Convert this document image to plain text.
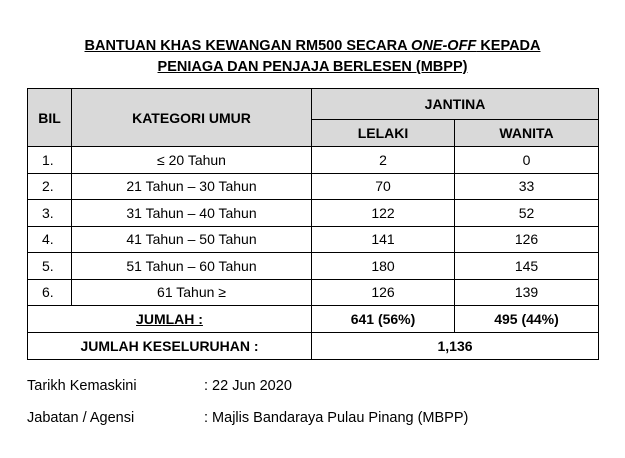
BANTUAN KHAS KEWANGAN RM500 SECARA ONE-OFF KEPADA
PENIAGA DAN PENJAJA BERLESEN (MBPP)
BIL	KATEGORI UMUR	JANTINA	
		LELAKI	WANITA
1.	≤ 20 Tahun	2	0
2.	21 Tahun – 30 Tahun	70	33
3.	31 Tahun – 40 Tahun	122	52
4.	41 Tahun – 50 Tahun	141	126
5.	51 Tahun – 60 Tahun	180	145
6.	61 Tahun ≥	126	139
JUMLAH :		641 (56%)	495 (44%)
JUMLAH KESELURUHAN :		1,136	
Tarikh Kemaskini	: 22 Jun 2020
Jabatan / Agensi	: Majlis Bandaraya Pulau Pinang (MBPP)
